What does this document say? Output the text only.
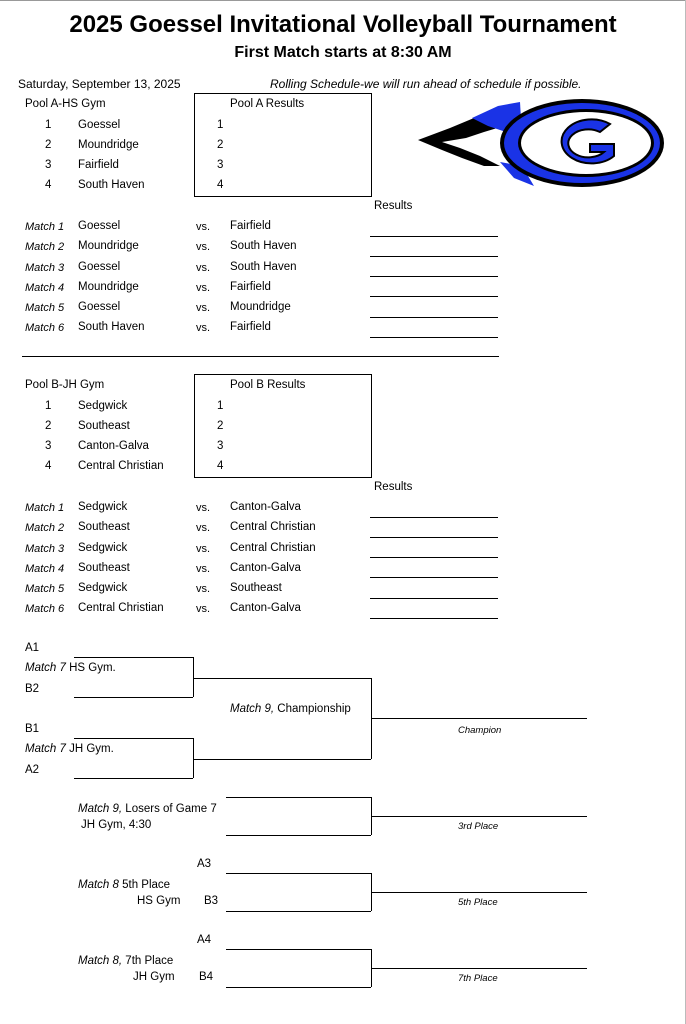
2025 Goessel Invitational Volleyball Tournament
First Match starts at 8:30 AM
Saturday, September 13, 2025	Rolling Schedule-we will run ahead of schedule if possible.
G
Pool A-HS Gym	Pool A Results
1 Goessel
2 Moundridge
3 Fairfield
4 South Haven
1
2
3
4
Results
Match 1 Goessel	vs. Fairfield
Match 2 Moundridge	vs. South Haven
Match 3 Goessel	vs. South Haven
Match 4 Moundridge	vs. Fairfield
Match 5 Goessel	vs. Moundridge
Match 6 South Haven	vs. Fairfield
Pool B-JH Gym	Pool B Results
1 Sedgwick
2 Southeast
3 Canton-Galva
4 Central Christian
1
2
3
4
Results
Match 1 Sedgwick	vs. Canton-Galva
Match 2 Southeast	vs. Central Christian
Match 3 Sedgwick	vs. Central Christian
Match 4 Southeast	vs. Canton-Galva
Match 5 Sedgwick	vs. Southeast
Match 6 Central Christian	vs. Canton-Galva
A1
Match 7 HS Gym.
B2
Match 9, Championship
Champion
B1
Match 7 JH Gym.
A2
Match 9, Losers of Game 7
JH Gym, 4:30	3rd Place
A3
Match 8 5th Place
HS Gym B3	5th Place
A4
Match 8, 7th Place
JH Gym B4	7th Place
